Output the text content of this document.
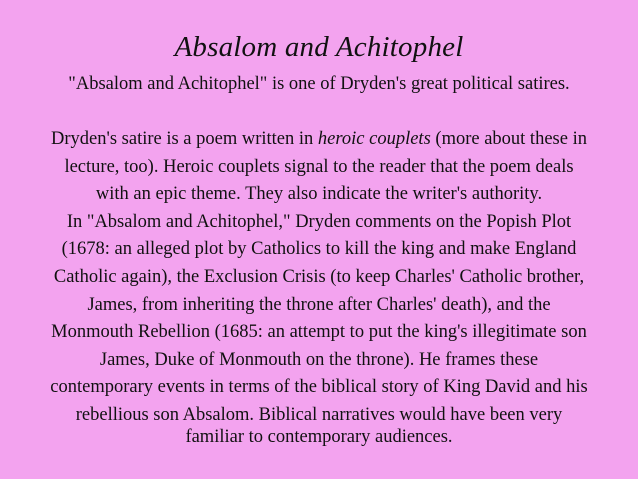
Absalom and Achitophel
"Absalom and Achitophel" is one of Dryden's great political satires.
Dryden's satire is a poem written in heroic couplets (more about these in
lecture, too). Heroic couplets signal to the reader that the poem deals
with an epic theme. They also indicate the writer's authority.
In "Absalom and Achitophel," Dryden comments on the Popish Plot
(1678: an alleged plot by Catholics to kill the king and make England
Catholic again), the Exclusion Crisis (to keep Charles' Catholic brother,
James, from inheriting the throne after Charles' death), and the
Monmouth Rebellion (1685: an attempt to put the king's illegitimate son
James, Duke of Monmouth on the throne). He frames these
contemporary events in terms of the biblical story of King David and his
rebellious son Absalom. Biblical narratives would have been very
familiar to contemporary audiences.
